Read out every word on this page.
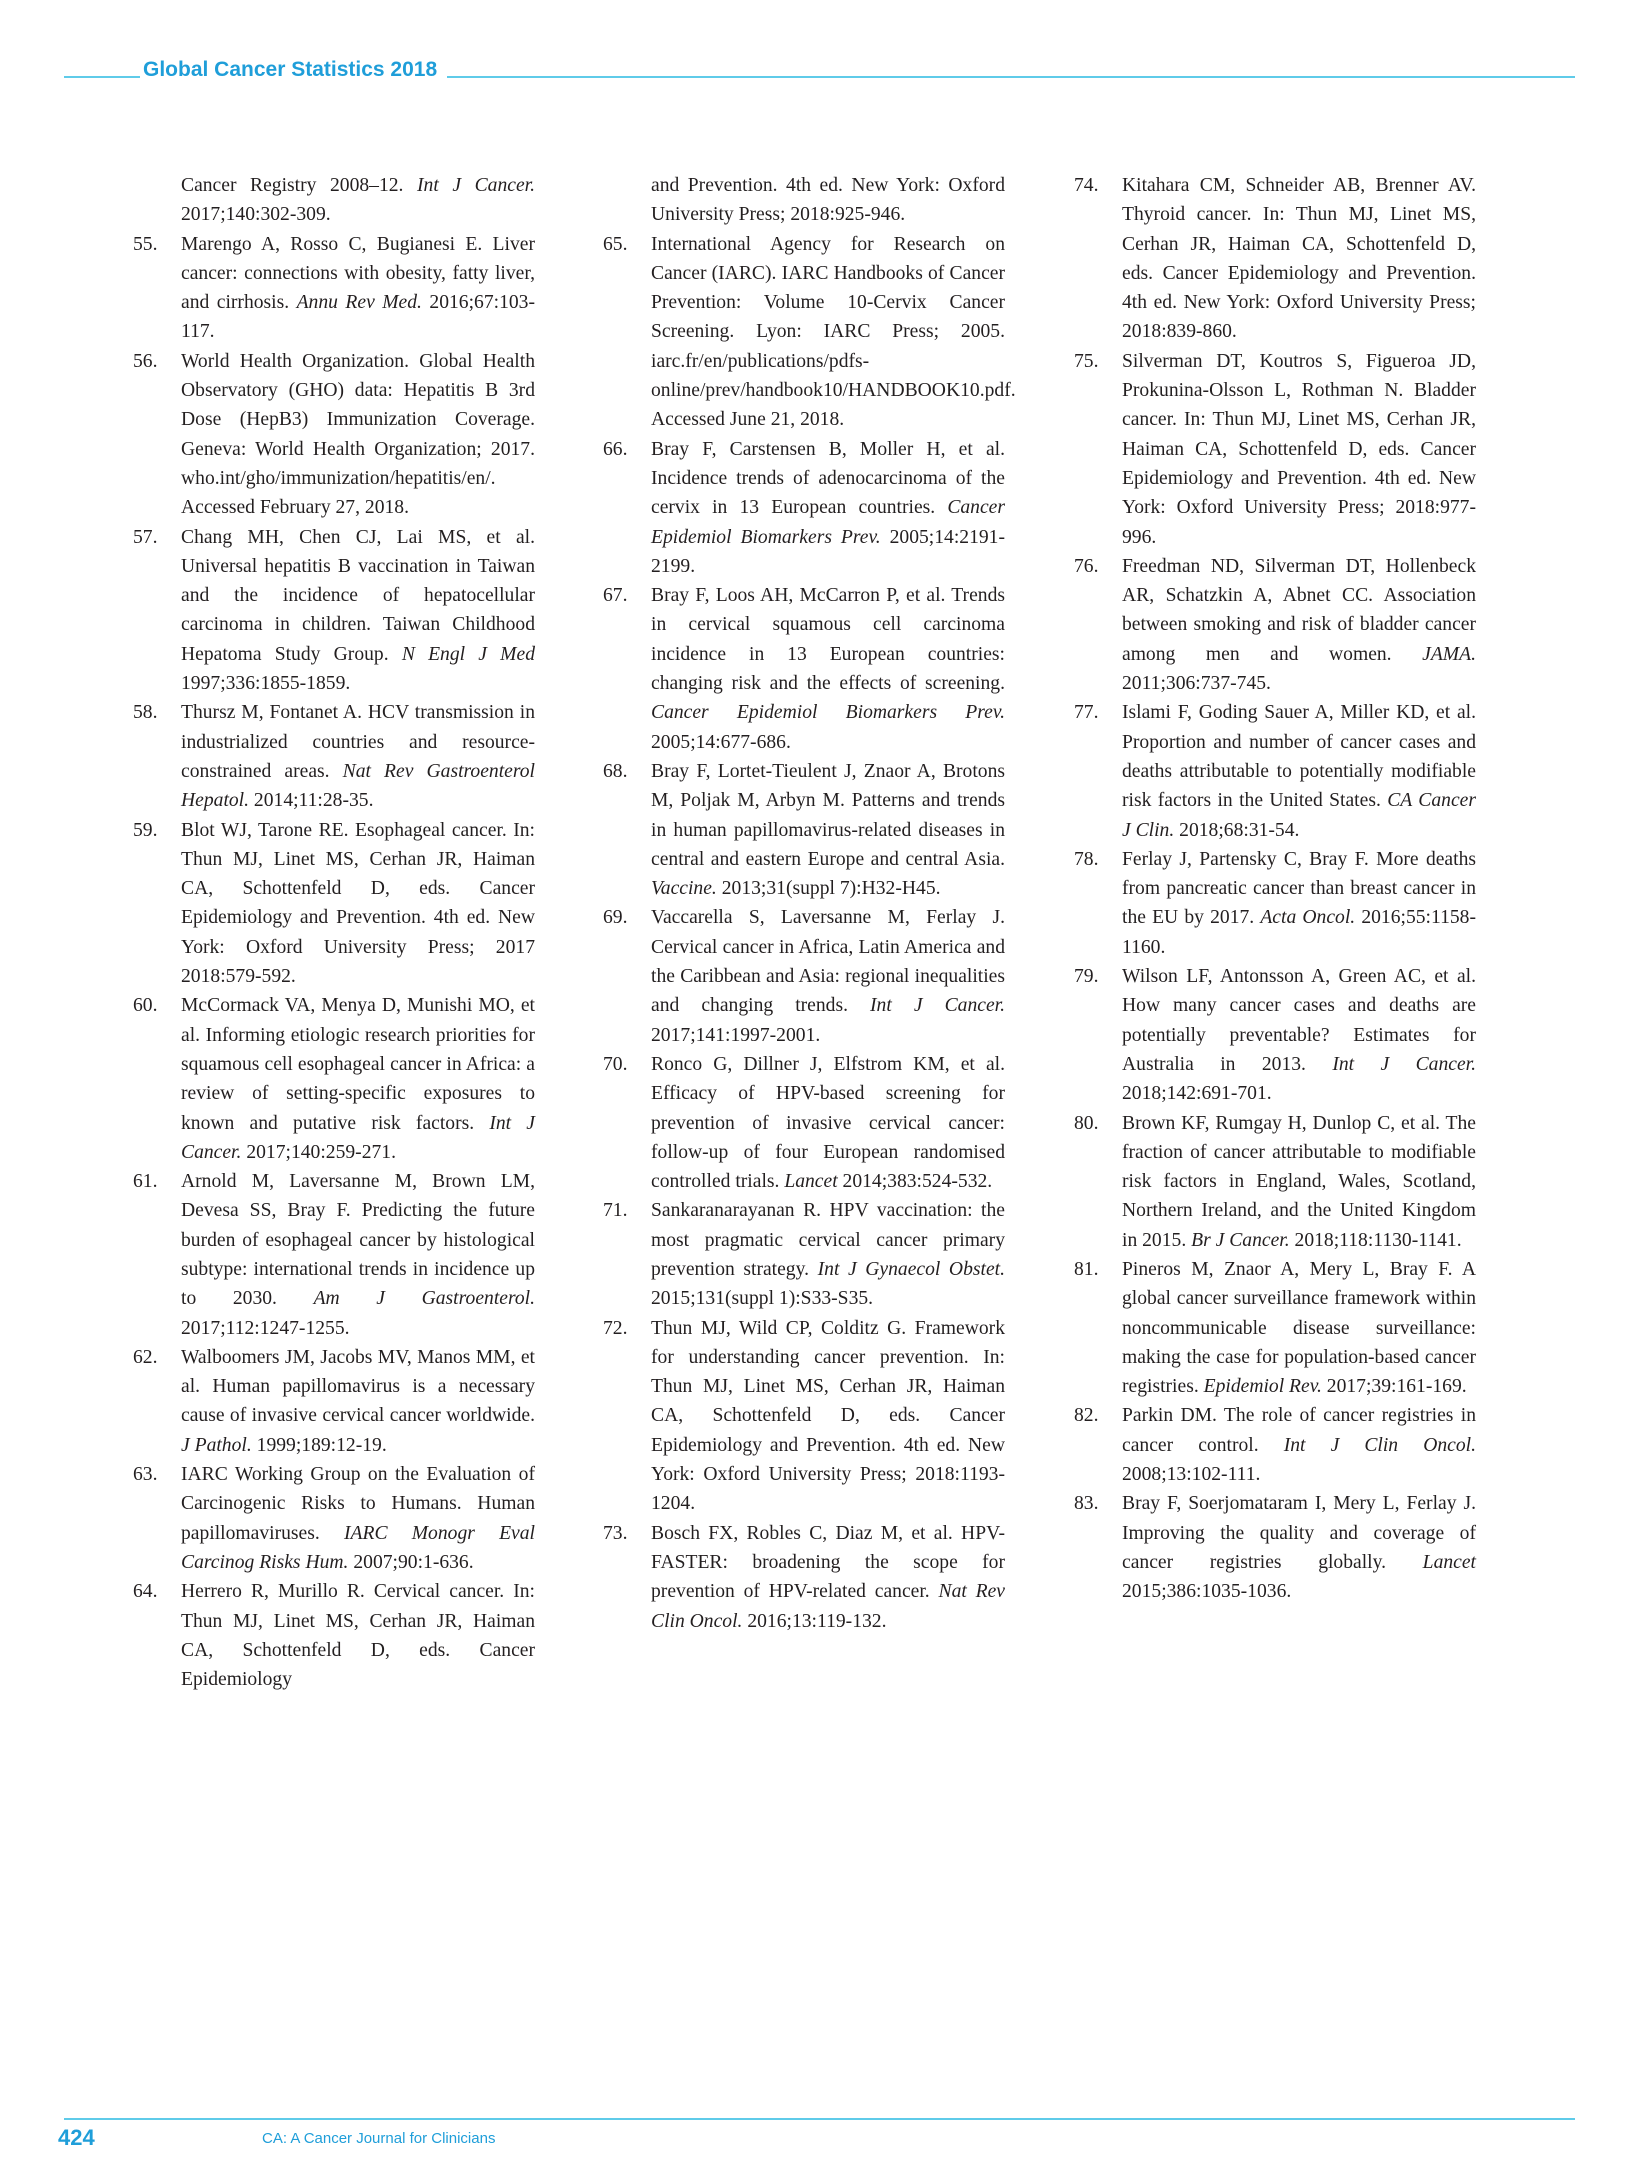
Global Cancer Statistics 2018
Cancer Registry 2008–12. Int J Cancer. 2017;140:302-309.
55. Marengo A, Rosso C, Bugianesi E. Liver cancer: connections with obesity, fatty liver, and cirrhosis. Annu Rev Med. 2016;67:103-117.
56. World Health Organization. Global Health Observatory (GHO) data: Hepatitis B 3rd Dose (HepB3) Immunization Coverage. Geneva: World Health Organization; 2017. who.int/gho/immunization/hepatitis/en/. Accessed February 27, 2018.
57. Chang MH, Chen CJ, Lai MS, et al. Universal hepatitis B vaccination in Taiwan and the incidence of hepatocellular carcinoma in children. Taiwan Childhood Hepatoma Study Group. N Engl J Med 1997;336:1855-1859.
58. Thursz M, Fontanet A. HCV transmission in industrialized countries and resource-constrained areas. Nat Rev Gastroenterol Hepatol. 2014;11:28-35.
59. Blot WJ, Tarone RE. Esophageal cancer. In: Thun MJ, Linet MS, Cerhan JR, Haiman CA, Schottenfeld D, eds. Cancer Epidemiology and Prevention. 4th ed. New York: Oxford University Press; 2017 2018:579-592.
60. McCormack VA, Menya D, Munishi MO, et al. Informing etiologic research priorities for squamous cell esophageal cancer in Africa: a review of setting-specific exposures to known and putative risk factors. Int J Cancer. 2017;140:259-271.
61. Arnold M, Laversanne M, Brown LM, Devesa SS, Bray F. Predicting the future burden of esophageal cancer by histological subtype: international trends in incidence up to 2030. Am J Gastroenterol. 2017;112:1247-1255.
62. Walboomers JM, Jacobs MV, Manos MM, et al. Human papillomavirus is a necessary cause of invasive cervical cancer worldwide. J Pathol. 1999;189:12-19.
63. IARC Working Group on the Evaluation of Carcinogenic Risks to Humans. Human papillomaviruses. IARC Monogr Eval Carcinog Risks Hum. 2007;90:1-636.
64. Herrero R, Murillo R. Cervical cancer. In: Thun MJ, Linet MS, Cerhan JR, Haiman CA, Schottenfeld D, eds. Cancer Epidemiology
and Prevention. 4th ed. New York: Oxford University Press; 2018:925-946.
65. International Agency for Research on Cancer (IARC). IARC Handbooks of Cancer Prevention: Volume 10-Cervix Cancer Screening. Lyon: IARC Press; 2005. iarc.fr/en/publications/pdfs-online/prev/handbook10/HANDBOOK10.pdf. Accessed June 21, 2018.
66. Bray F, Carstensen B, Moller H, et al. Incidence trends of adenocarcinoma of the cervix in 13 European countries. Cancer Epidemiol Biomarkers Prev. 2005;14:2191-2199.
67. Bray F, Loos AH, McCarron P, et al. Trends in cervical squamous cell carcinoma incidence in 13 European countries: changing risk and the effects of screening. Cancer Epidemiol Biomarkers Prev. 2005;14:677-686.
68. Bray F, Lortet-Tieulent J, Znaor A, Brotons M, Poljak M, Arbyn M. Patterns and trends in human papillomavirus-related diseases in central and eastern Europe and central Asia. Vaccine. 2013;31(suppl 7):H32-H45.
69. Vaccarella S, Laversanne M, Ferlay J. Cervical cancer in Africa, Latin America and the Caribbean and Asia: regional inequalities and changing trends. Int J Cancer. 2017;141:1997-2001.
70. Ronco G, Dillner J, Elfstrom KM, et al. Efficacy of HPV-based screening for prevention of invasive cervical cancer: follow-up of four European randomised controlled trials. Lancet 2014;383:524-532.
71. Sankaranarayanan R. HPV vaccination: the most pragmatic cervical cancer primary prevention strategy. Int J Gynaecol Obstet. 2015;131(suppl 1):S33-S35.
72. Thun MJ, Wild CP, Colditz G. Framework for understanding cancer prevention. In: Thun MJ, Linet MS, Cerhan JR, Haiman CA, Schottenfeld D, eds. Cancer Epidemiology and Prevention. 4th ed. New York: Oxford University Press; 2018:1193-1204.
73. Bosch FX, Robles C, Diaz M, et al. HPV-FASTER: broadening the scope for prevention of HPV-related cancer. Nat Rev Clin Oncol. 2016;13:119-132.
74. Kitahara CM, Schneider AB, Brenner AV. Thyroid cancer. In: Thun MJ, Linet MS, Cerhan JR, Haiman CA, Schottenfeld D, eds. Cancer Epidemiology and Prevention. 4th ed. New York: Oxford University Press; 2018:839-860.
75. Silverman DT, Koutros S, Figueroa JD, Prokunina-Olsson L, Rothman N. Bladder cancer. In: Thun MJ, Linet MS, Cerhan JR, Haiman CA, Schottenfeld D, eds. Cancer Epidemiology and Prevention. 4th ed. New York: Oxford University Press; 2018:977-996.
76. Freedman ND, Silverman DT, Hollenbeck AR, Schatzkin A, Abnet CC. Association between smoking and risk of bladder cancer among men and women. JAMA. 2011;306:737-745.
77. Islami F, Goding Sauer A, Miller KD, et al. Proportion and number of cancer cases and deaths attributable to potentially modifiable risk factors in the United States. CA Cancer J Clin. 2018;68:31-54.
78. Ferlay J, Partensky C, Bray F. More deaths from pancreatic cancer than breast cancer in the EU by 2017. Acta Oncol. 2016;55:1158-1160.
79. Wilson LF, Antonsson A, Green AC, et al. How many cancer cases and deaths are potentially preventable? Estimates for Australia in 2013. Int J Cancer. 2018;142:691-701.
80. Brown KF, Rumgay H, Dunlop C, et al. The fraction of cancer attributable to modifiable risk factors in England, Wales, Scotland, Northern Ireland, and the United Kingdom in 2015. Br J Cancer. 2018;118:1130-1141.
81. Pineros M, Znaor A, Mery L, Bray F. A global cancer surveillance framework within noncommunicable disease surveillance: making the case for population-based cancer registries. Epidemiol Rev. 2017;39:161-169.
82. Parkin DM. The role of cancer registries in cancer control. Int J Clin Oncol. 2008;13:102-111.
83. Bray F, Soerjomataram I, Mery L, Ferlay J. Improving the quality and coverage of cancer registries globally. Lancet 2015;386:1035-1036.
424	CA: A Cancer Journal for Clinicians
